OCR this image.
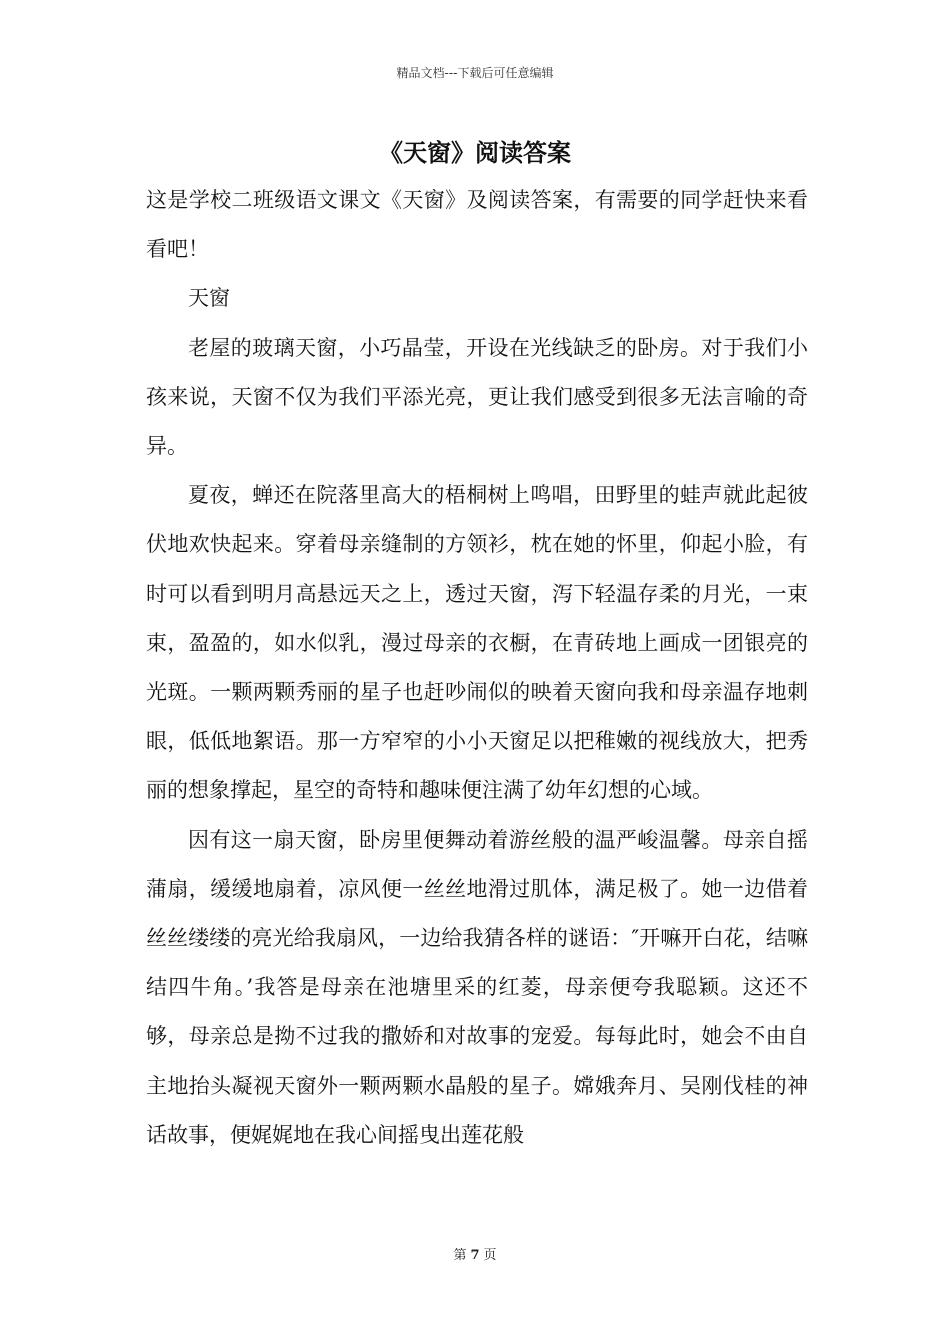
精品文档---下载后可任意编辑
《天窗》阅读答案

这是学校二班级语文课文《天窗》及阅读答案，有需要的同学赶快来看看吧！

天窗

老屋的玻璃天窗，小巧晶莹，开设在光线缺乏的卧房。对于我们小孩来说，天窗不仅为我们平添光亮，更让我们感受到很多无法言喻的奇异。

夏夜，蝉还在院落里高大的梧桐树上鸣唱，田野里的蛙声就此起彼伏地欢快起来。穿着母亲缝制的方领衫，枕在她的怀里，仰起小脸，有时可以看到明月高悬远天之上，透过天窗，泻下轻温存柔的月光，一束束，盈盈的，如水似乳，漫过母亲的衣橱，在青砖地上画成一团银亮的光斑。一颗两颗秀丽的星子也赶吵闹似的映着天窗向我和母亲温存地刺眼，低低地絮语。那一方窄窄的小小天窗足以把稚嫩的视线放大，把秀丽的想象撑起，星空的奇特和趣味便注满了幼年幻想的心域。

因有这一扇天窗，卧房里便舞动着游丝般的温严峻温馨。母亲自摇蒲扇，缓缓地扇着，凉风便一丝丝地滑过肌体，满足极了。她一边借着丝丝缕缕的亮光给我扇风，一边给我猜各样的谜语：″开嘛开白花，结嘛结四牛角。’我答是母亲在池塘里采的红菱，母亲便夸我聪颖。这还不够，母亲总是拗不过我的撒娇和对故事的宠爱。每每此时，她会不由自主地抬头凝视天窗外一颗两颗水晶般的星子。嫦娥奔月、吴刚伐桂的神话故事，便娓娓地在我心间摇曳出莲花般

第 7 页
